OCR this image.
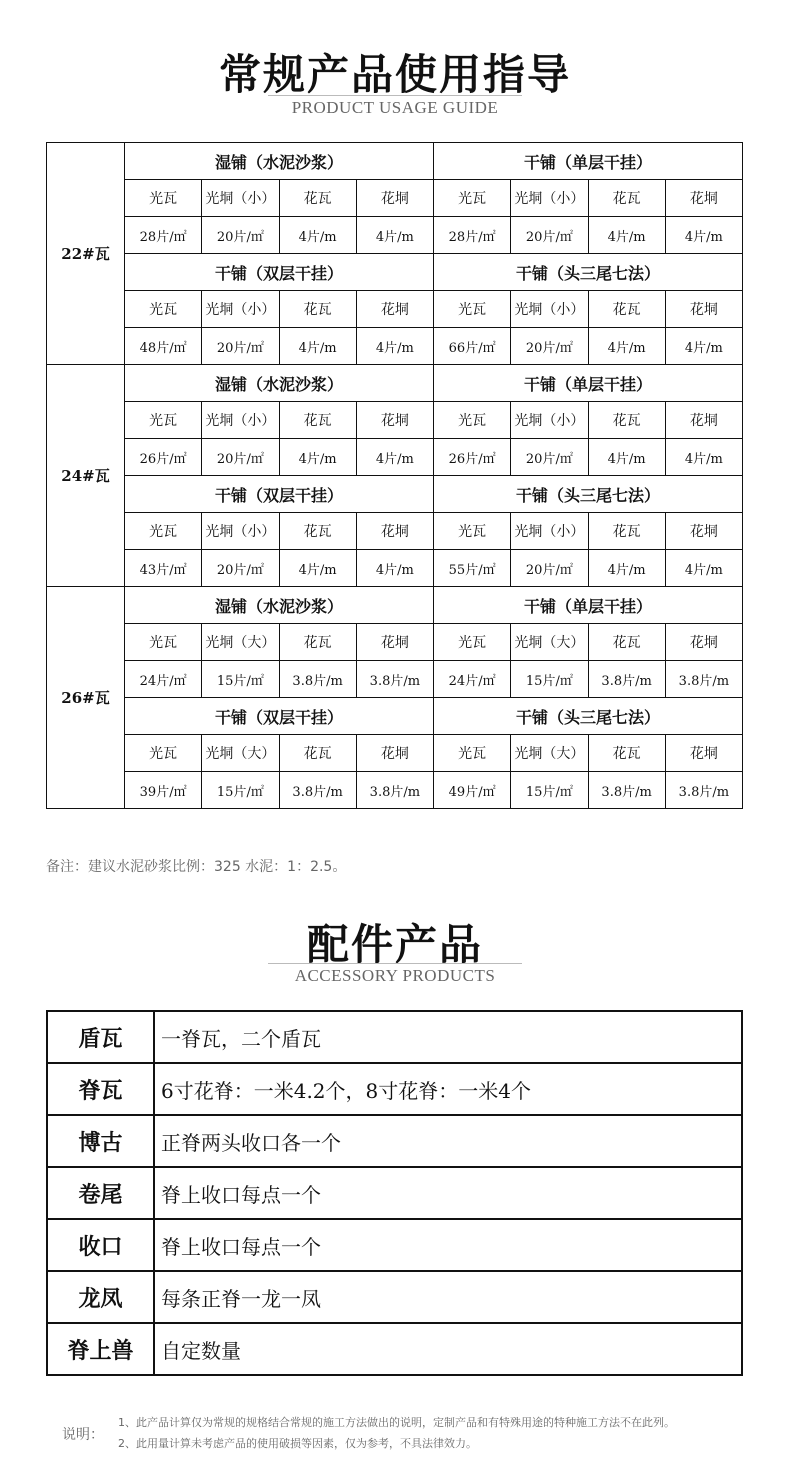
常规产品使用指导
PRODUCT USAGE GUIDE
22#瓦	湿铺（水泥沙浆）				干铺（单层干挂）			
	光瓦	光垌（小）	花瓦	花垌	光瓦	光垌（小）	花瓦	花垌
	28片/㎡	20片/㎡	4片/m	4片/m	28片/㎡	20片/㎡	4片/m	4片/m
	干铺（双层干挂）				干铺（头三尾七法）			
	光瓦	光垌（小）	花瓦	花垌	光瓦	光垌（小）	花瓦	花垌
	48片/㎡	20片/㎡	4片/m	4片/m	66片/㎡	20片/㎡	4片/m	4片/m
24#瓦	湿铺（水泥沙浆）				干铺（单层干挂）			
	光瓦	光垌（小）	花瓦	花垌	光瓦	光垌（小）	花瓦	花垌
	26片/㎡	20片/㎡	4片/m	4片/m	26片/㎡	20片/㎡	4片/m	4片/m
	干铺（双层干挂）				干铺（头三尾七法）			
	光瓦	光垌（小）	花瓦	花垌	光瓦	光垌（小）	花瓦	花垌
	43片/㎡	20片/㎡	4片/m	4片/m	55片/㎡	20片/㎡	4片/m	4片/m
26#瓦	湿铺（水泥沙浆）				干铺（单层干挂）			
	光瓦	光垌（大）	花瓦	花垌	光瓦	光垌（大）	花瓦	花垌
	24片/㎡	15片/㎡	3.8片/m	3.8片/m	24片/㎡	15片/㎡	3.8片/m	3.8片/m
	干铺（双层干挂）				干铺（头三尾七法）			
	光瓦	光垌（大）	花瓦	花垌	光瓦	光垌（大）	花瓦	花垌
	39片/㎡	15片/㎡	3.8片/m	3.8片/m	49片/㎡	15片/㎡	3.8片/m	3.8片/m
备注：建议水泥砂浆比例：325 水泥：1：2.5。
配件产品
ACCESSORY PRODUCTS
盾瓦	一脊瓦，二个盾瓦
脊瓦	6寸花脊：一米4.2个，8寸花脊：一米4个
博古	正脊两头收口各一个
卷尾	脊上收口每点一个
收口	脊上收口每点一个
龙凤	每条正脊一龙一凤
脊上兽	自定数量
说明：
1、此产品计算仅为常规的规格结合常规的施工方法做出的说明，定制产品和有特殊用途的特种施工方法不在此列。
2、此用量计算未考虑产品的使用破损等因素，仅为参考，不具法律效力。
